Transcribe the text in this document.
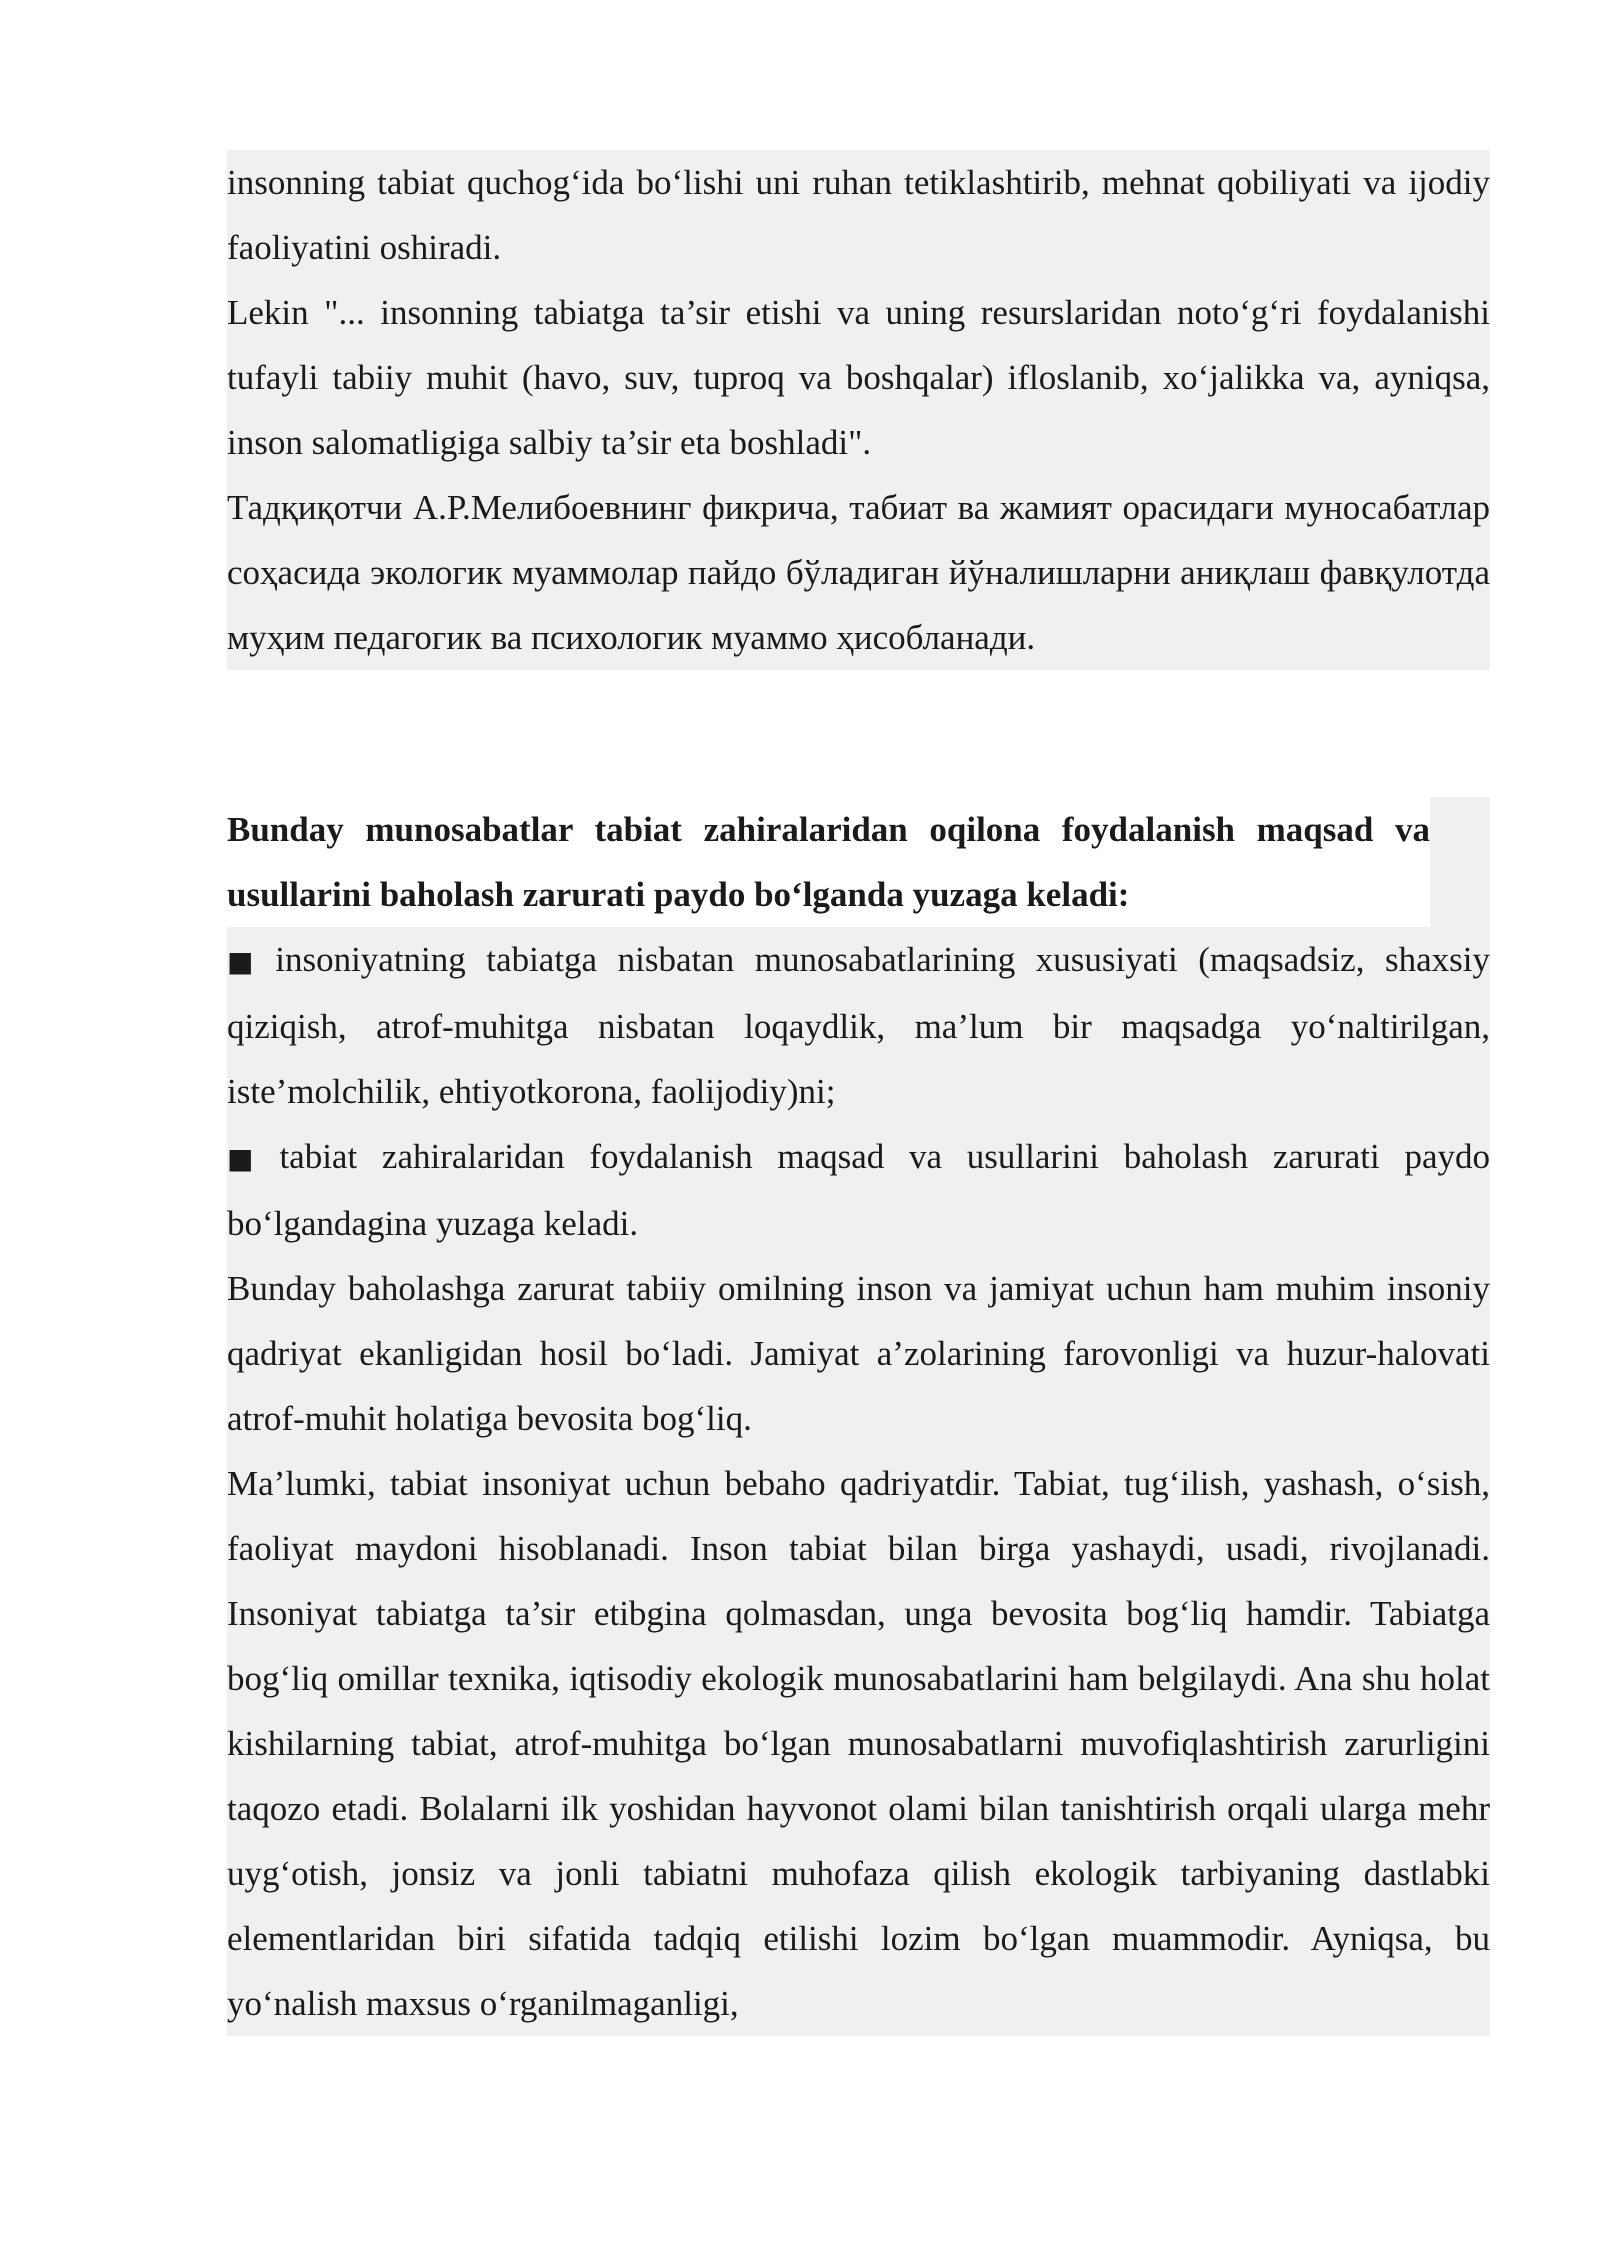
insonning tabiat quchog‘ida bo‘lishi uni ruhan tetiklashtirib, mehnat qobiliyati va ijodiy faoliyatini oshiradi.

Lekin "... insonning tabiatga ta’sir etishi va uning resurslaridan noto‘g‘ri foydalanishi tufayli tabiiy muhit (havo, suv, tuproq va boshqalar) ifloslanib, xo‘jalikka va, ayniqsa, inson salomatligiga salbiy ta’sir eta boshladi".

Тадқиқотчи А.Р.Мелибоевнинг фикрича, табиат ва жамият орасидаги муносабатлар соҳасида экологик муаммолар пайдо бўладиган йўналишларни аниқлаш фавқулотда муҳим педагогик ва психологик муаммо ҳисобланади.

Bunday munosabatlar tabiat zahiralaridan oqilona foydalanish maqsad va usullarini baholash zarurati paydo bo‘lganda yuzaga keladi:

■ insoniyatning tabiatga nisbatan munosabatlarining xususiyati (maqsadsiz, shaxsiy qiziqish, atrof-muhitga nisbatan loqaydlik, ma’lum bir maqsadga yo‘naltirilgan, iste’molchilik, ehtiyotkorona, faolijodiy)ni;

■ tabiat zahiralaridan foydalanish maqsad va usullarini baholash zarurati paydo bo‘lgandagina yuzaga keladi.

Bunday baholashga zarurat tabiiy omilning inson va jamiyat uchun ham muhim insoniy qadriyat ekanligidan hosil bo‘ladi. Jamiyat a’zolarining farovonligi va huzur-halovati atrof-muhit holatiga bevosita bog‘liq.

Ma’lumki, tabiat insoniyat uchun bebaho qadriyatdir. Tabiat, tug‘ilish, yashash, o‘sish, faoliyat maydoni hisoblanadi. Inson tabiat bilan birga yashaydi, usadi, rivojlanadi. Insoniyat tabiatga ta’sir etibgina qolmasdan, unga bevosita bog‘liq hamdir. Tabiatga bog‘liq omillar texnika, iqtisodiy ekologik munosabatlarini ham belgilaydi. Ana shu holat kishilarning tabiat, atrof-muhitga bo‘lgan munosabatlarni muvofiqlashtirish zarurligini taqozo etadi. Bolalarni ilk yoshidan hayvonot olami bilan tanishtirish orqali ularga mehr uyg‘otish, jonsiz va jonli tabiatni muhofaza qilish ekologik tarbiyaning dastlabki elementlaridan biri sifatida tadqiq etilishi lozim bo‘lgan muammodir. Ayniqsa, bu yo‘nalish maxsus o‘rganilmaganligi,
